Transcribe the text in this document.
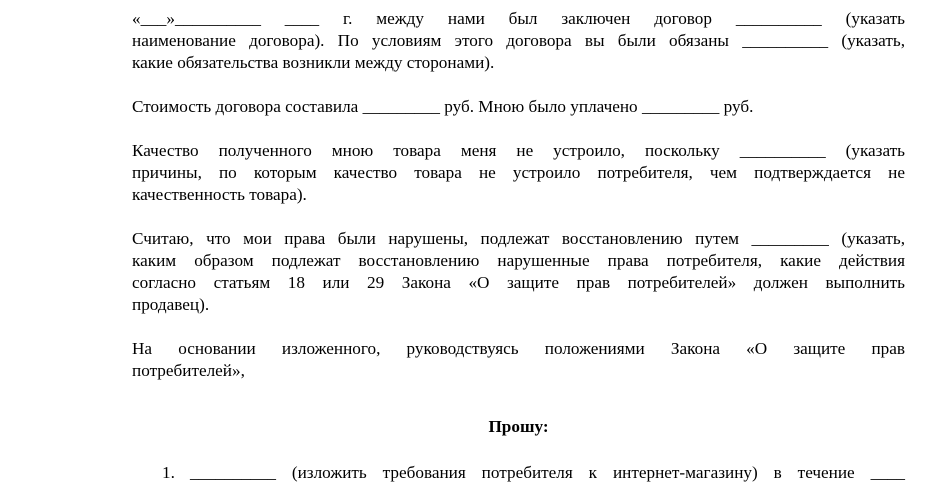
«___»__________ ____ г. между нами был заключен договор __________ (указать
наименование договора). По условиям этого договора вы были обязаны __________ (указать,
какие обязательства возникли между сторонами).

Стоимость договора составила _________ руб. Мною было уплачено _________ руб.

Качество полученного мною товара меня не устроило, поскольку __________ (указать
причины, по которым качество товара не устроило потребителя, чем подтверждается не
качественность товара).

Считаю, что мои права были нарушены, подлежат восстановлению путем _________ (указать,
каким образом подлежат восстановлению нарушенные права потребителя, какие действия
согласно статьям 18 или 29 Закона «О защите прав потребителей» должен выполнить
продавец).

На основании изложенного, руководствуясь положениями Закона «О защите прав
потребителей»,

Прошу:

1. __________ (изложить требования потребителя к интернет-магазину) в течение ____
